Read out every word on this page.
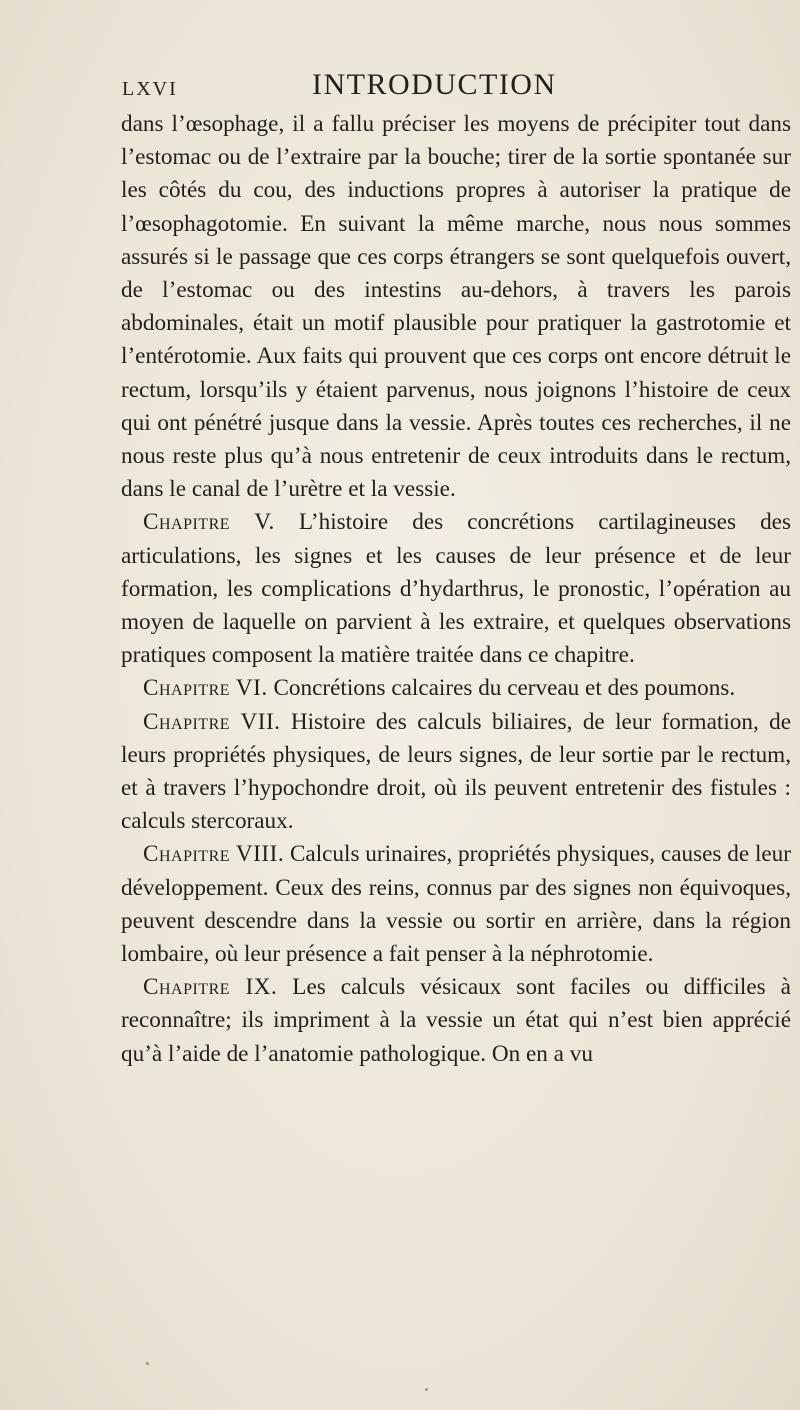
LXVI	INTRODUCTION

dans l’œsophage, il a fallu préciser les moyens de précipiter tout dans l’estomac ou de l’extraire par la bouche; tirer de la sortie spontanée sur les côtés du cou, des inductions propres à autoriser la pratique de l’œsophagotomie. En suivant la même marche, nous nous sommes assurés si le passage que ces corps étrangers se sont quelquefois ouvert, de l’estomac ou des intestins au-dehors, à travers les parois abdominales, était un motif plausible pour pratiquer la gastrotomie et l’entérotomie. Aux faits qui prouvent que ces corps ont encore détruit le rectum, lorsqu’ils y étaient parvenus, nous joignons l’histoire de ceux qui ont pénétré jusque dans la vessie. Après toutes ces recherches, il ne nous reste plus qu’à nous entretenir de ceux introduits dans le rectum, dans le canal de l’urètre et la vessie.

Chapitre V. L’histoire des concrétions cartilagineuses des articulations, les signes et les causes de leur présence et de leur formation, les complications d’hydarthrus, le pronostic, l’opération au moyen de laquelle on parvient à les extraire, et quelques observations pratiques composent la matière traitée dans ce chapitre.

Chapitre VI. Concrétions calcaires du cerveau et des poumons.

Chapitre VII. Histoire des calculs biliaires, de leur formation, de leurs propriétés physiques, de leurs signes, de leur sortie par le rectum, et à travers l’hypochondre droit, où ils peuvent entretenir des fistules : calculs stercoraux.

Chapitre VIII. Calculs urinaires, propriétés physiques, causes de leur développement. Ceux des reins, connus par des signes non équivoques, peuvent descendre dans la vessie ou sortir en arrière, dans la région lombaire, où leur présence a fait penser à la néphrotomie.

Chapitre IX. Les calculs vésicaux sont faciles ou difficiles à reconnaître; ils impriment à la vessie un état qui n’est bien apprécié qu’à l’aide de l’anatomie pathologique. On en a vu
